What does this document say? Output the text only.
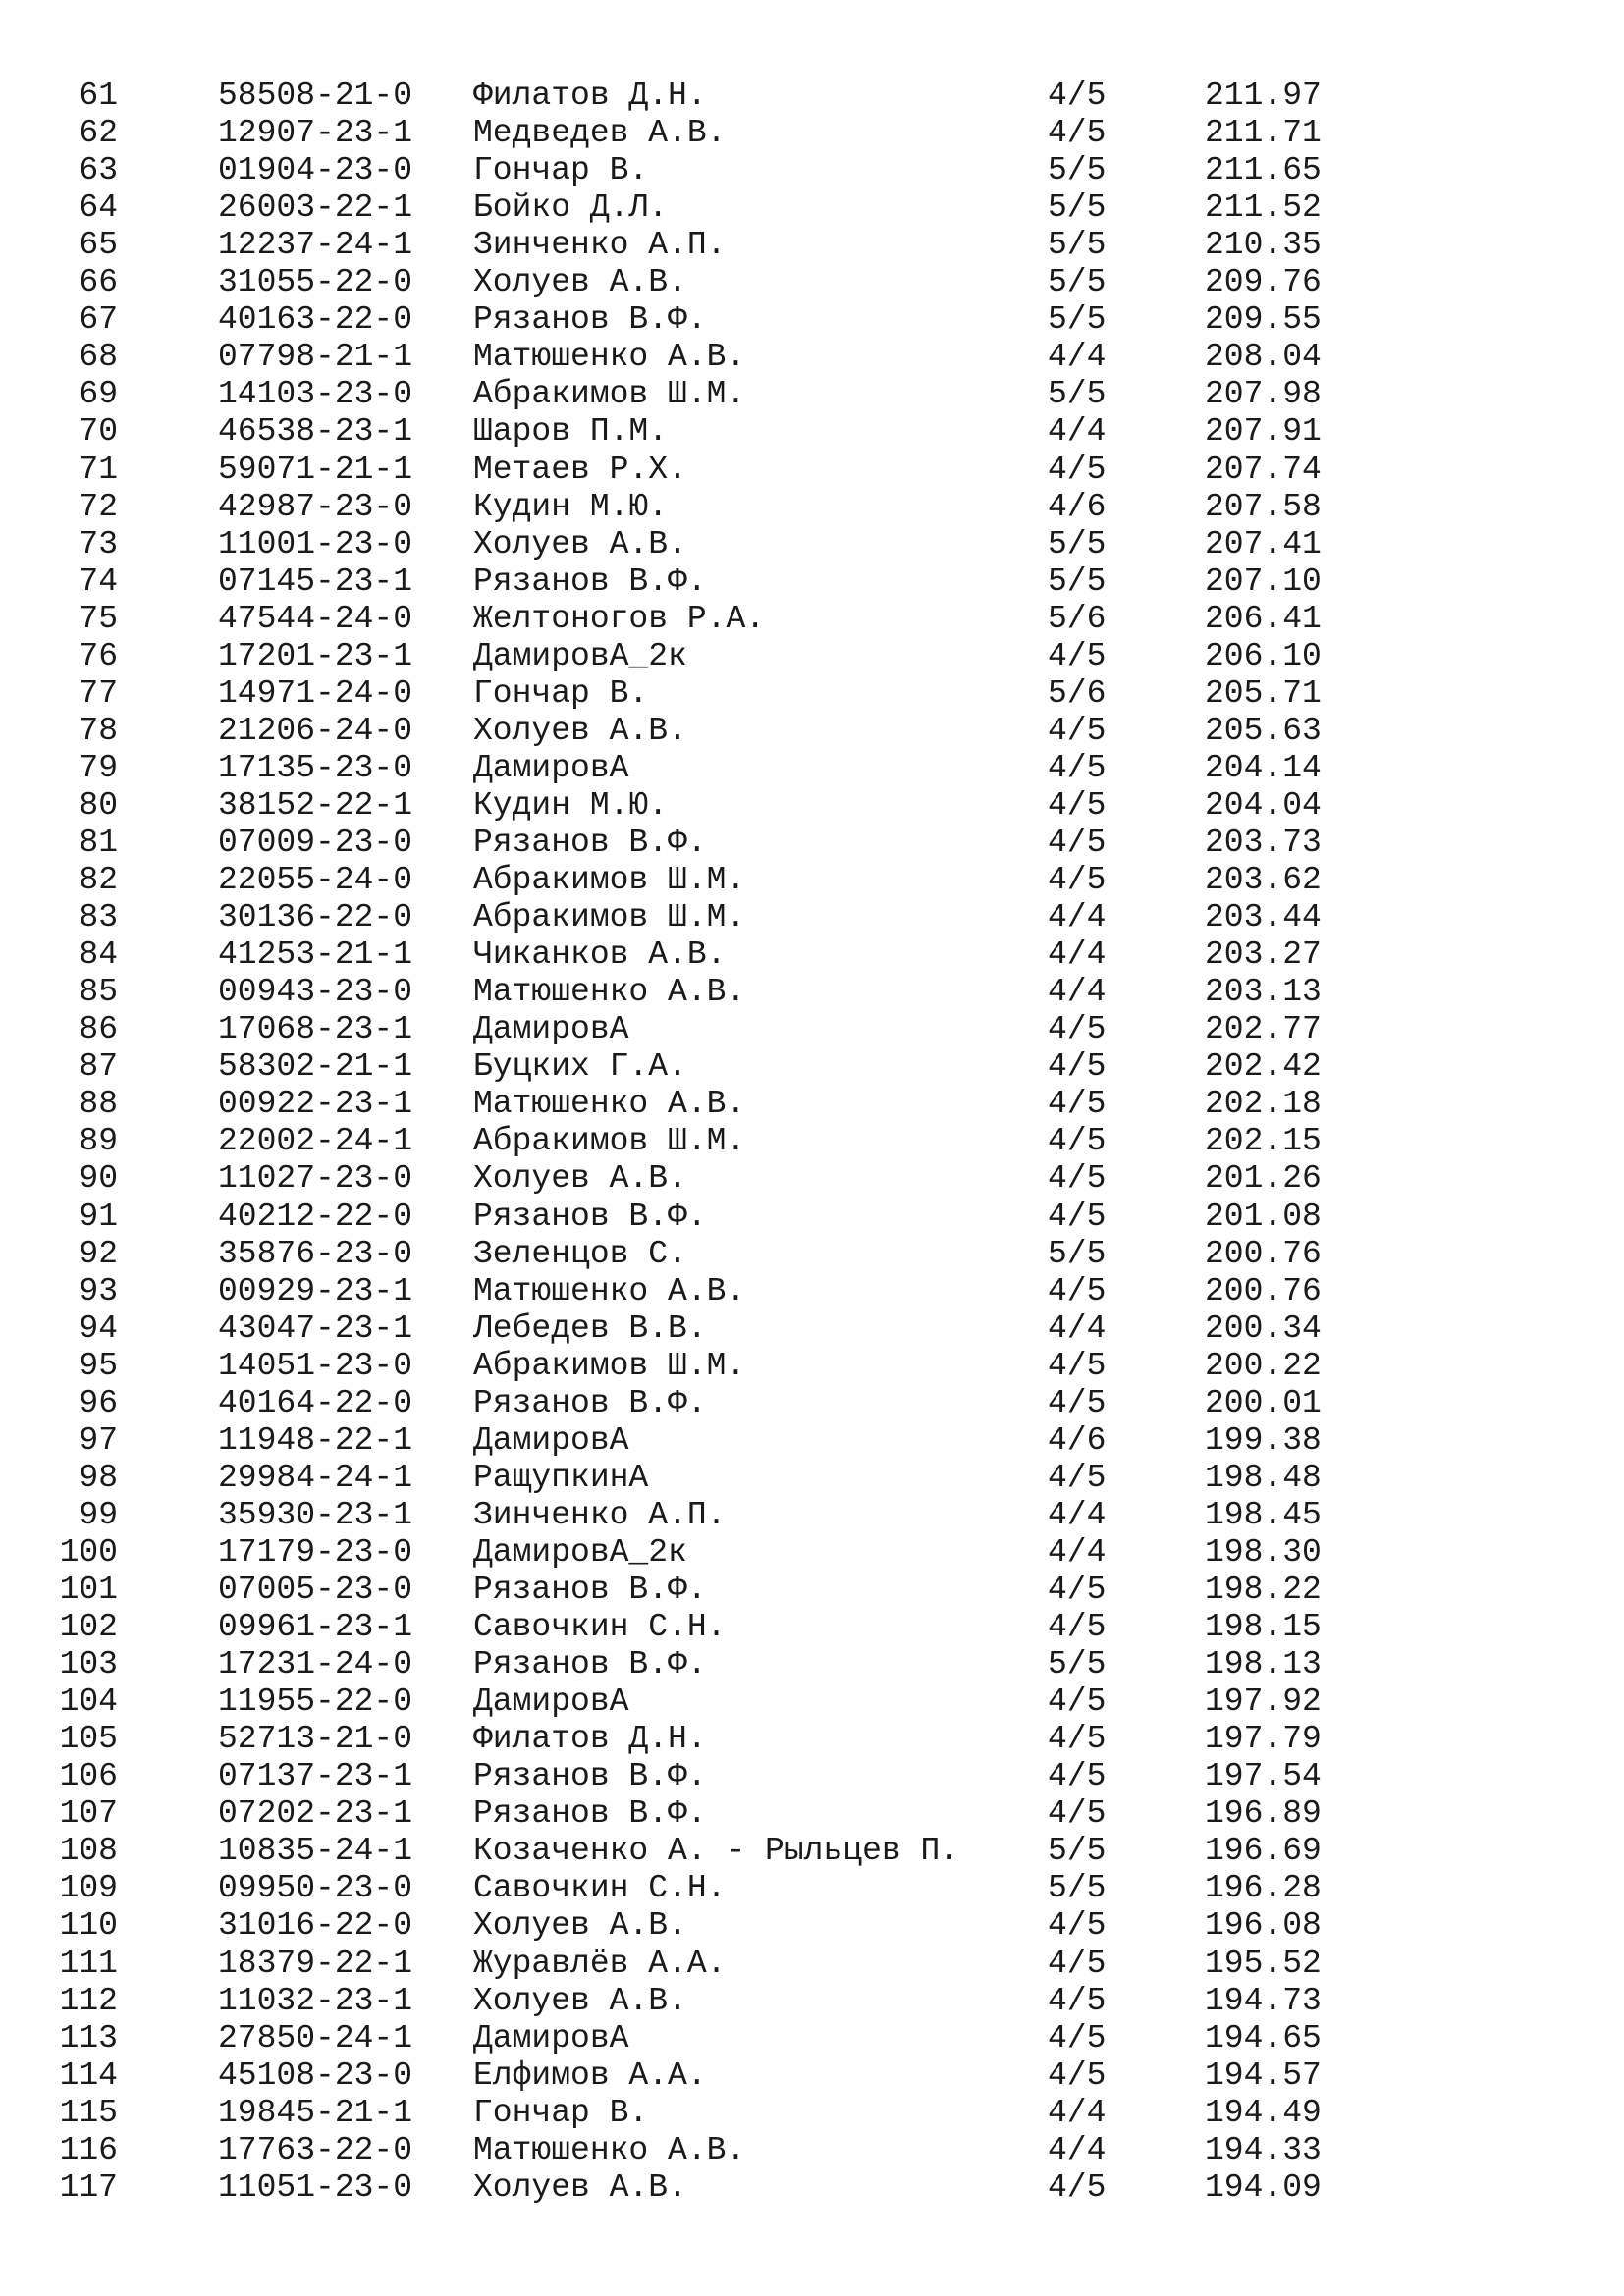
61	58508-21-0 Филатов Д.Н.	4/5	211.97
62	12907-23-1 Медведев А.В.	4/5	211.71
63	01904-23-0 Гончар В.	5/5	211.65
64	26003-22-1 Бойко Д.Л.	5/5	211.52
65	12237-24-1 Зинченко А.П.	5/5	210.35
66	31055-22-0 Холуев А.В.	5/5	209.76
67	40163-22-0 Рязанов В.Ф.	5/5	209.55
68	07798-21-1 Матюшенко А.В.	4/4	208.04
69	14103-23-0 Абракимов Ш.М.	5/5	207.98
70	46538-23-1 Шаров П.М.	4/4	207.91
71	59071-21-1 Метаев Р.Х.	4/5	207.74
72	42987-23-0 Кудин М.Ю.	4/6	207.58
73	11001-23-0 Холуев А.В.	5/5	207.41
74	07145-23-1 Рязанов В.Ф.	5/5	207.10
75	47544-24-0 Желтоногов Р.А.	5/6	206.41
76	17201-23-1 ДамировА_2к	4/5	206.10
77	14971-24-0 Гончар В.	5/6	205.71
78	21206-24-0 Холуев А.В.	4/5	205.63
79	17135-23-0 ДамировА	4/5	204.14
80	38152-22-1 Кудин М.Ю.	4/5	204.04
81	07009-23-0 Рязанов В.Ф.	4/5	203.73
82	22055-24-0 Абракимов Ш.М.	4/5	203.62
83	30136-22-0 Абракимов Ш.М.	4/4	203.44
84	41253-21-1 Чиканков А.В.	4/4	203.27
85	00943-23-0 Матюшенко А.В.	4/4	203.13
86	17068-23-1 ДамировА	4/5	202.77
87	58302-21-1 Буцких Г.А.	4/5	202.42
88	00922-23-1 Матюшенко А.В.	4/5	202.18
89	22002-24-1 Абракимов Ш.М.	4/5	202.15
90	11027-23-0 Холуев А.В.	4/5	201.26
91	40212-22-0 Рязанов В.Ф.	4/5	201.08
92	35876-23-0 Зеленцов С.	5/5	200.76
93	00929-23-1 Матюшенко А.В.	4/5	200.76
94	43047-23-1 Лебедев В.В.	4/4	200.34
95	14051-23-0 Абракимов Ш.М.	4/5	200.22
96	40164-22-0 Рязанов В.Ф.	4/5	200.01
97	11948-22-1 ДамировА	4/6	199.38
98	29984-24-1 РащупкинА	4/5	198.48
99	35930-23-1 Зинченко А.П.	4/4	198.45
100	17179-23-0 ДамировА_2к	4/4	198.30
101	07005-23-0 Рязанов В.Ф.	4/5	198.22
102	09961-23-1 Савочкин С.Н.	4/5	198.15
103	17231-24-0 Рязанов В.Ф.	5/5	198.13
104	11955-22-0 ДамировА	4/5	197.92
105	52713-21-0 Филатов Д.Н.	4/5	197.79
106	07137-23-1 Рязанов В.Ф.	4/5	197.54
107	07202-23-1 Рязанов В.Ф.	4/5	196.89
108	10835-24-1 Козаченко А. - Рыльцев П.	5/5	196.69
109	09950-23-0 Савочкин С.Н.	5/5	196.28
110	31016-22-0 Холуев А.В.	4/5	196.08
111	18379-22-1 Журавлёв А.А.	4/5	195.52
112	11032-23-1 Холуев А.В.	4/5	194.73
113	27850-24-1 ДамировА	4/5	194.65
114	45108-23-0 Елфимов А.А.	4/5	194.57
115	19845-21-1 Гончар В.	4/4	194.49
116	17763-22-0 Матюшенко А.В.	4/4	194.33
117	11051-23-0 Холуев А.В.	4/5	194.09
